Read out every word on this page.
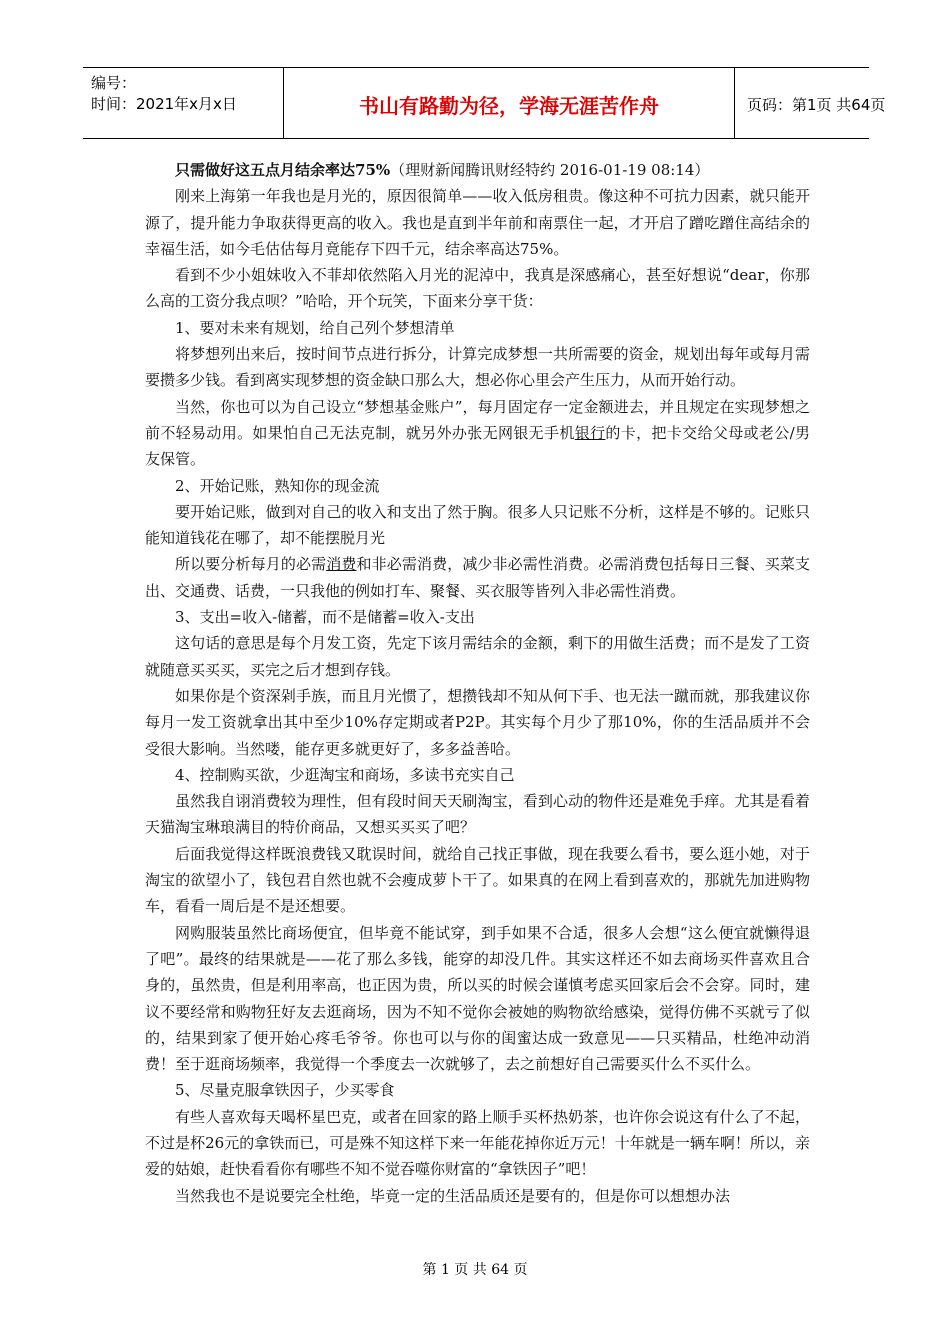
编号：
时间：2021年x月x日	书山有路勤为径，学海无涯苦作舟	页码：第1页 共64页

只需做好这五点月结余率达75%（理财新闻腾讯财经特约 2016-01-19 08:14）

刚来上海第一年我也是月光的，原因很简单——收入低房租贵。像这种不可抗力因素，就只能开源了，提升能力争取获得更高的收入。我也是直到半年前和南票住一起，才开启了蹭吃蹭住高结余的幸福生活，如今毛估估每月竟能存下四千元，结余率高达75%。

看到不少小姐妹收入不菲却依然陷入月光的泥淖中，我真是深感痛心，甚至好想说“dear，你那么高的工资分我点呗？”哈哈，开个玩笑，下面来分享干货：

1、要对未来有规划，给自己列个梦想清单

将梦想列出来后，按时间节点进行拆分，计算完成梦想一共所需要的资金，规划出每年或每月需要攒多少钱。看到离实现梦想的资金缺口那么大，想必你心里会产生压力，从而开始行动。

当然，你也可以为自己设立“梦想基金账户”，每月固定存一定金额进去，并且规定在实现梦想之前不轻易动用。如果怕自己无法克制，就另外办张无网银无手机银行的卡，把卡交给父母或老公/男友保管。

2、开始记账，熟知你的现金流

要开始记账，做到对自己的收入和支出了然于胸。很多人只记账不分析，这样是不够的。记账只能知道钱花在哪了，却不能摆脱月光

所以要分析每月的必需消费和非必需消费，减少非必需性消费。必需消费包括每日三餐、买菜支出、交通费、话费，一只我他的例如打车、聚餐、买衣服等皆列入非必需性消费。

3、支出=收入-储蓄，而不是储蓄=收入-支出

这句话的意思是每个月发工资，先定下该月需结余的金额，剩下的用做生活费；而不是发了工资就随意买买买，买完之后才想到存钱。

如果你是个资深剁手族，而且月光惯了，想攒钱却不知从何下手、也无法一蹴而就，那我建议你每月一发工资就拿出其中至少10%存定期或者P2P。其实每个月少了那10%，你的生活品质并不会受很大影响。当然喽，能存更多就更好了，多多益善哈。

4、控制购买欲，少逛淘宝和商场，多读书充实自己

虽然我自诩消费较为理性，但有段时间天天刷淘宝，看到心动的物件还是难免手痒。尤其是看着天猫淘宝琳琅满目的特价商品，又想买买买了吧？

后面我觉得这样既浪费钱又耽误时间，就给自己找正事做，现在我要么看书，要么逛小她，对于淘宝的欲望小了，钱包君自然也就不会瘦成萝卜干了。如果真的在网上看到喜欢的，那就先加进购物车，看看一周后是不是还想要。

网购服装虽然比商场便宜，但毕竟不能试穿，到手如果不合适，很多人会想“这么便宜就懒得退了吧”。最终的结果就是——花了那么多钱，能穿的却没几件。其实这样还不如去商场买件喜欢且合身的，虽然贵，但是利用率高，也正因为贵，所以买的时候会谨慎考虑买回家后会不会穿。同时，建议不要经常和购物狂好友去逛商场，因为不知不觉你会被她的购物欲给感染，觉得仿佛不买就亏了似的，结果到家了便开始心疼毛爷爷。你也可以与你的闺蜜达成一致意见——只买精品，杜绝冲动消费！至于逛商场频率，我觉得一个季度去一次就够了，去之前想好自己需要买什么不买什么。

5、尽量克服拿铁因子，少买零食

有些人喜欢每天喝杯星巴克，或者在回家的路上顺手买杯热奶茶，也许你会说这有什么了不起，不过是杯26元的拿铁而已，可是殊不知这样下来一年能花掉你近万元！十年就是一辆车啊！所以，亲爱的姑娘，赶快看看你有哪些不知不觉吞噬你财富的“拿铁因子”吧！

当然我也不是说要完全杜绝，毕竟一定的生活品质还是要有的，但是你可以想想办法

第 1 页 共 64 页
